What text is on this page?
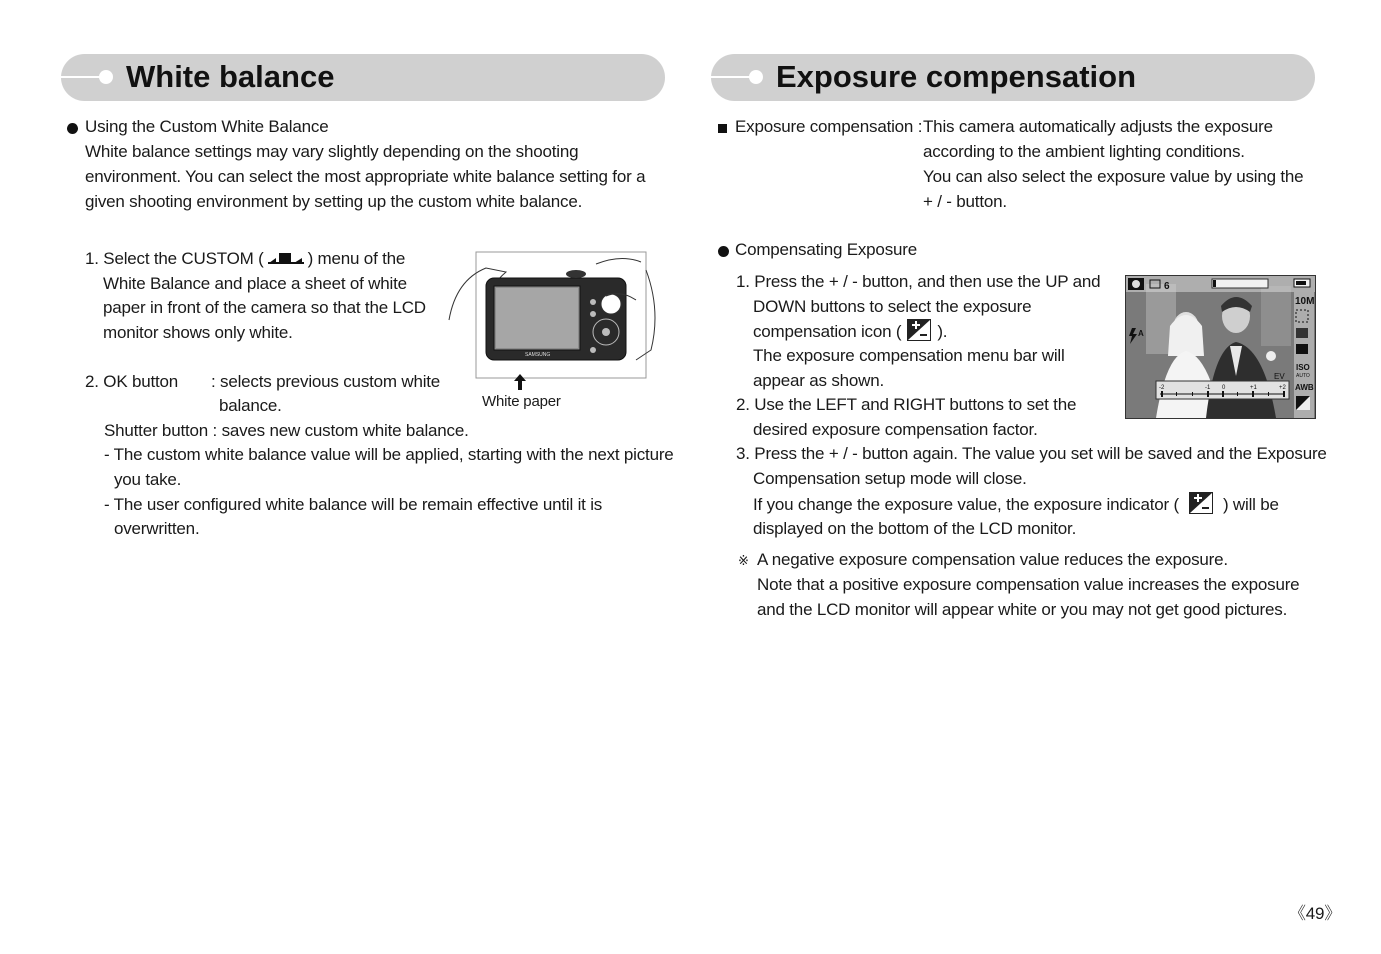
White balance
Using the Custom White Balance
White balance settings may vary slightly depending on the shooting
environment. You can select the most appropriate white balance setting for a
given shooting environment by setting up the custom white balance.
1. Select the CUSTOM (	) menu of the
White Balance and place a sheet of white
paper in front of the camera so that the LCD
monitor shows only white.
SAMSUNG
White paper
2. OK button : selects previous custom white
balance.
Shutter button : saves new custom white balance.
- The custom white balance value will be applied, starting with the next picture
you take.
- The user configured white balance will be remain effective until it is
overwritten.
Exposure compensation
Exposure compensation : This camera automatically adjusts the exposure
according to the ambient lighting conditions.
You can also select the exposure value by using the
+ / - button.
Compensating Exposure
1. Press the + / - button, and then use the UP and
DOWN buttons to select the exposure
compensation icon ( ).
The exposure compensation menu bar will
appear as shown.
2. Use the LEFT and RIGHT buttons to set the
desired exposure compensation factor.
3. Press the + / - button again. The value you set will be saved and the Exposure
Compensation setup mode will close.
If you change the exposure value, the exposure indicator (	) will be
displayed on the bottom of the LCD monitor.
※ A negative exposure compensation value reduces the exposure.
Note that a positive exposure compensation value increases the exposure
and the LCD monitor will appear white or you may not get good pictures.
6
10M
ISO
AUTO
AWB
A
EV
-2	-1 0	+1	+2
《49》
